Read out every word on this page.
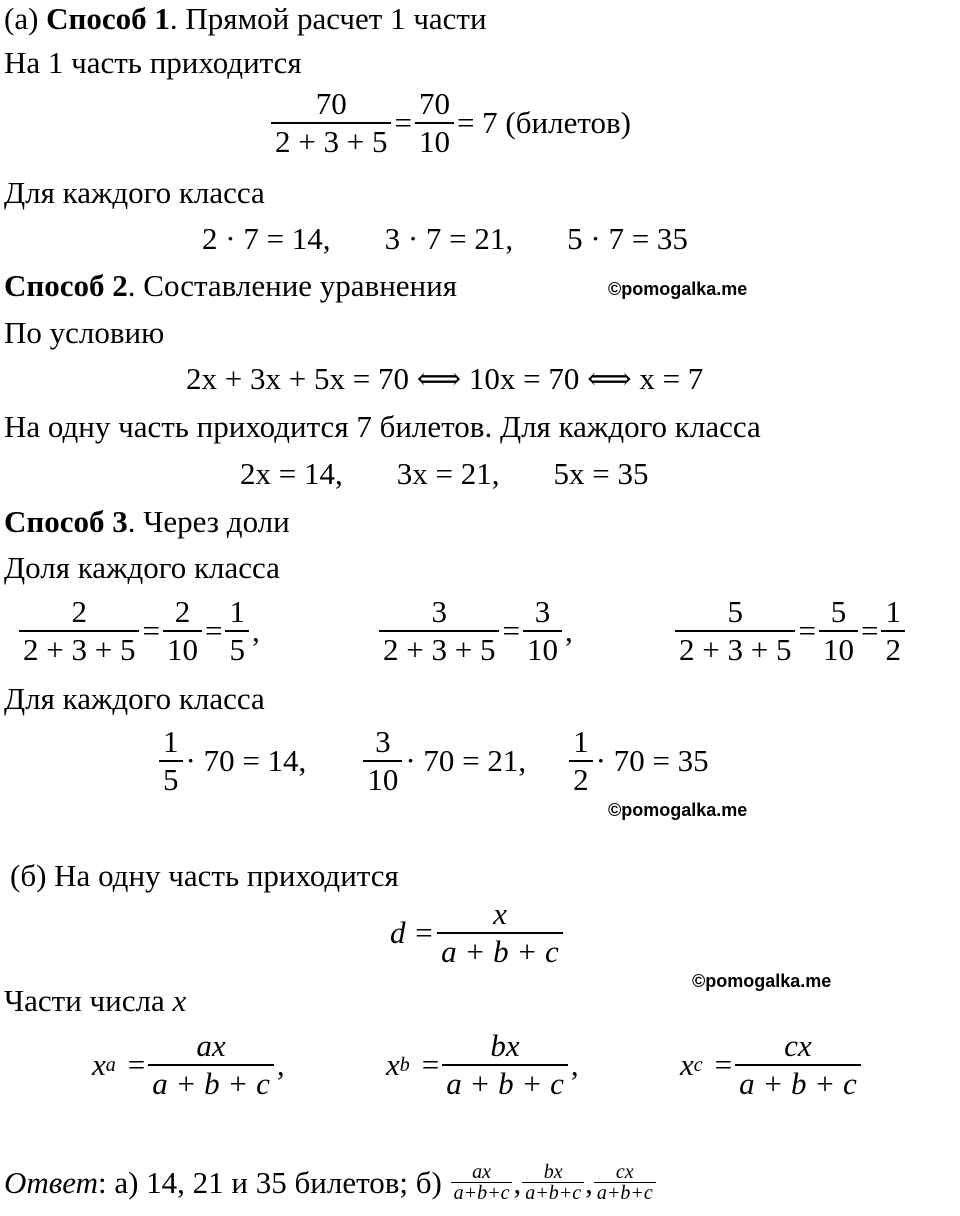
(а) Способ 1. Прямой расчет 1 части
На 1 часть приходится
$\frac{70}{2 + 3 + 5} = \frac{70}{10} = 7$ (билетов)
Для каждого класса
2 · 7 = 14, 3 · 7 = 21, 5 · 7 = 35
Способ 2. Составление уравнения	©pomogalka.me
По условию
2x + 3x + 5x = 70 ⟺ 10x = 70 ⟺ x = 7
На одну часть приходится 7 билетов. Для каждого класса
2x = 14, 3x = 21, 5x = 35
Способ 3. Через доли
Доля каждого класса
$\frac{2}{2 + 3 + 5} = \frac{2}{10} = \frac{1}{5}$ ,	$\frac{3}{2 + 3 + 5} = \frac{3}{10}$ ,	$\frac{5}{2 + 3 + 5} = \frac{5}{10} = \frac{1}{2}$
Для каждого класса
$\frac{1}{5} \cdot 70 = 14$, $\frac{3}{10} \cdot 70 = 21$, $\frac{1}{2} \cdot 70 = 35$
©pomogalka.me
(б) На одну часть приходится
$d = \frac{x}{a + b + c}$
©pomogalka.me
Части числа x
x $a = \frac{ax}{a + b + c}$ ,	x $b = \frac{bx}{a + b + c}$ ,	x $c = \frac{cx}{a + b + c}$
Ответ : а) 14, 21 и 35 билетов; $б) \frac{ax}{a+b+c}$ , $\frac{bx}{a+b+c}$ , $\frac{cx}{a+b+c}$
